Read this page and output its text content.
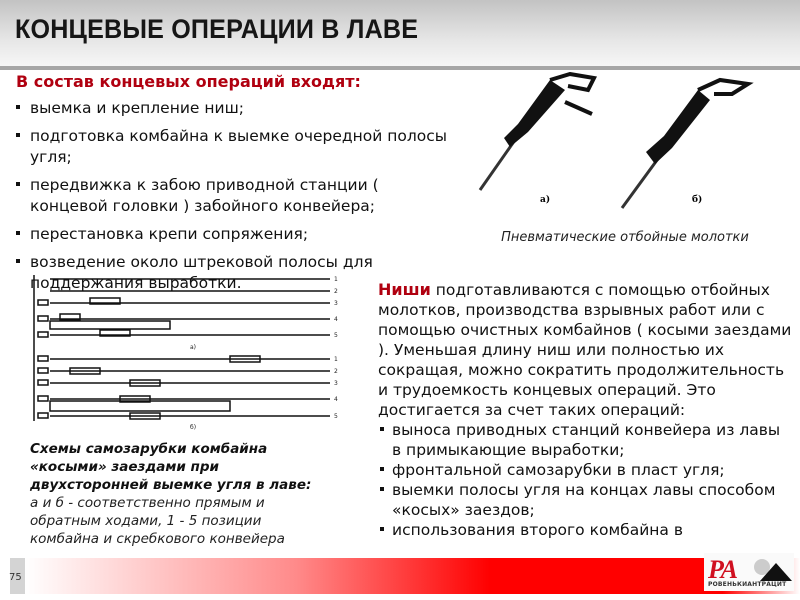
КОНЦЕВЫЕ ОПЕРАЦИИ В ЛАВЕ
В состав концевых операций входят:
выемка и крепление ниш;
подготовка комбайна к выемке очередной полосы угля;
передвижка к забою приводной станции ( концевой головки ) забойного конвейера;
перестановка крепи сопряжения;
возведение около штрековой полосы для поддержания выработки.
а)	б)
Пневматические отбойные молотки
1
2
3
4
5
а)
1
2
3
4
5
б)
75
Схемы самозарубки комбайна «косыми» заездами при двухсторонней выемке угля в лаве:
а и б - соответственно прямым и обратным ходами, 1 - 5 позиции комбайна и скребкового конвейера
Ниши подготавливаются с помощью отбойных молотков, производства взрывных работ или с помощью очистных комбайнов ( косыми заездами ). Уменьшая длину ниш или полностью их сокращая, можно сократить продолжительность и трудоемкость концевых операций. Это достигается за счет таких операций:
выноса приводных станций конвейера из лавы в примыкающие выработки;
фронтальной самозарубки в пласт угля;
выемки полосы угля на концах лавы способом «косых» заездов;
использования второго комбайна в
РА
РОВЕНЬКИАНТРАЦИТ
